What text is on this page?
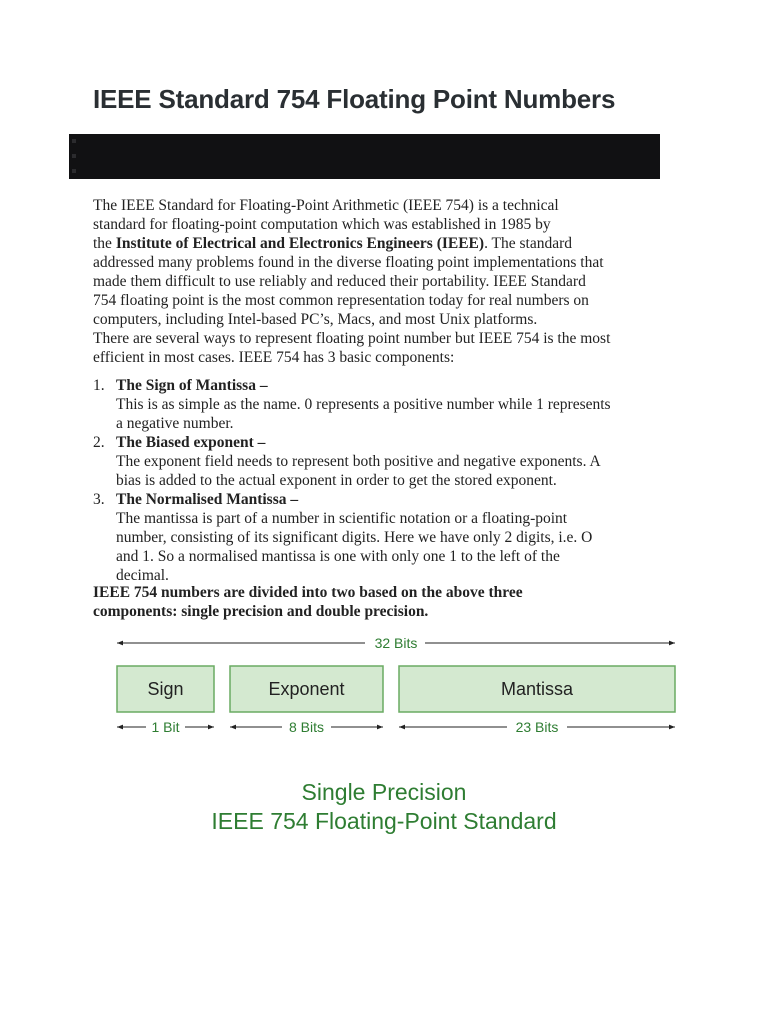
IEEE Standard 754 Floating Point Numbers
The IEEE Standard for Floating-Point Arithmetic (IEEE 754) is a technical
standard for floating-point computation which was established in 1985 by
the Institute of Electrical and Electronics Engineers (IEEE). The standard
addressed many problems found in the diverse floating point implementations that
made them difficult to use reliably and reduced their portability. IEEE Standard
754 floating point is the most common representation today for real numbers on
computers, including Intel-based PC’s, Macs, and most Unix platforms.
There are several ways to represent floating point number but IEEE 754 is the most
efficient in most cases. IEEE 754 has 3 basic components:
1. The Sign of Mantissa –
This is as simple as the name. 0 represents a positive number while 1 represents
a negative number.
2. The Biased exponent –
The exponent field needs to represent both positive and negative exponents. A
bias is added to the actual exponent in order to get the stored exponent.
3. The Normalised Mantissa –
The mantissa is part of a number in scientific notation or a floating-point
number, consisting of its significant digits. Here we have only 2 digits, i.e. O
and 1. So a normalised mantissa is one with only one 1 to the left of the
decimal.
IEEE 754 numbers are divided into two based on the above three
components: single precision and double precision.
32 Bits
Sign	Exponent	Mantissa
1 Bit	8 Bits	23 Bits
Single Precision
IEEE 754 Floating-Point Standard
